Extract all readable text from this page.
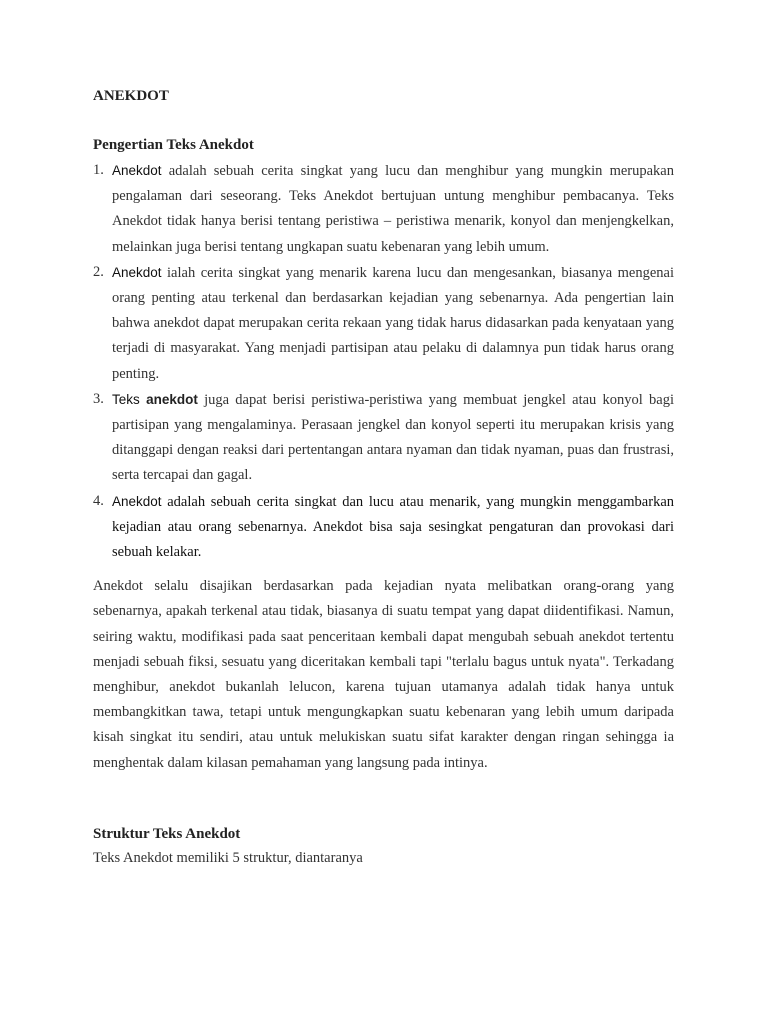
ANEKDOT
Pengertian Teks Anekdot
1. Anekdot adalah sebuah cerita singkat yang lucu dan menghibur yang mungkin merupakan pengalaman dari seseorang. Teks Anekdot bertujuan untung menghibur pembacanya. Teks Anekdot tidak hanya berisi tentang peristiwa – peristiwa menarik, konyol dan menjengkelkan, melainkan juga berisi tentang ungkapan suatu kebenaran yang lebih umum.
2. Anekdot ialah cerita singkat yang menarik karena lucu dan mengesankan, biasanya mengenai orang penting atau terkenal dan berdasarkan kejadian yang sebenarnya. Ada pengertian lain bahwa anekdot dapat merupakan cerita rekaan yang tidak harus didasarkan pada kenyataan yang terjadi di masyarakat. Yang menjadi partisipan atau pelaku di dalamnya pun tidak harus orang penting.
3. Teks anekdot juga dapat berisi peristiwa-peristiwa yang membuat jengkel atau konyol bagi partisipan yang mengalaminya. Perasaan jengkel dan konyol seperti itu merupakan krisis yang ditanggapi dengan reaksi dari pertentangan antara nyaman dan tidak nyaman, puas dan frustrasi, serta tercapai dan gagal.
4. Anekdot adalah sebuah cerita singkat dan lucu atau menarik, yang mungkin menggambarkan kejadian atau orang sebenarnya. Anekdot bisa saja sesingkat pengaturan dan provokasi dari sebuah kelakar.

Anekdot selalu disajikan berdasarkan pada kejadian nyata melibatkan orang-orang yang sebenarnya, apakah terkenal atau tidak, biasanya di suatu tempat yang dapat diidentifikasi. Namun, seiring waktu, modifikasi pada saat penceritaan kembali dapat mengubah sebuah anekdot tertentu menjadi sebuah fiksi, sesuatu yang diceritakan kembali tapi "terlalu bagus untuk nyata". Terkadang menghibur, anekdot bukanlah lelucon, karena tujuan utamanya adalah tidak hanya untuk membangkitkan tawa, tetapi untuk mengungkapkan suatu kebenaran yang lebih umum daripada kisah singkat itu sendiri, atau untuk melukiskan suatu sifat karakter dengan ringan sehingga ia menghentak dalam kilasan pemahaman yang langsung pada intinya.

Struktur Teks Anekdot

Teks Anekdot memiliki 5 struktur, diantaranya
